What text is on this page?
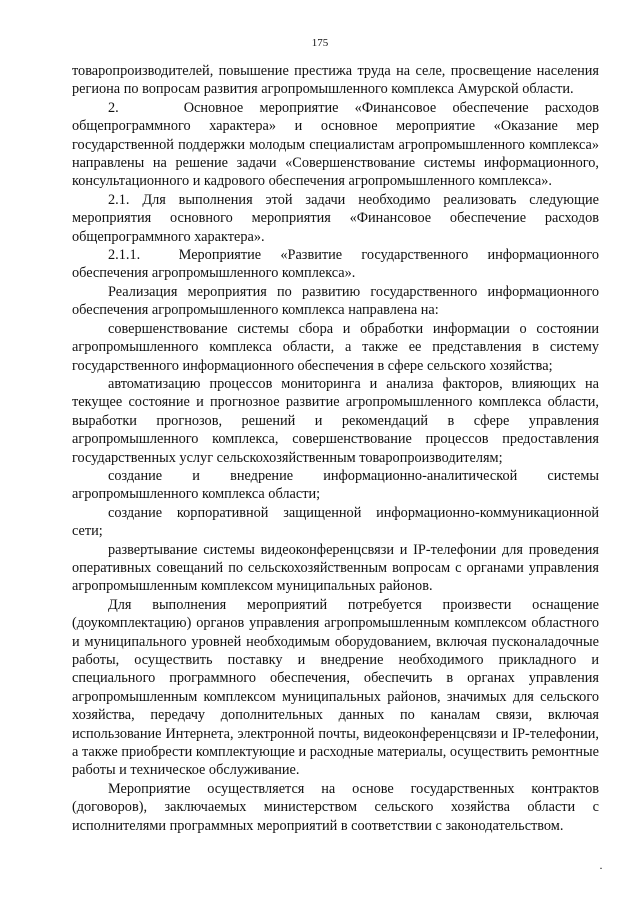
175

товаропроизводителей, повышение престижа труда на селе, просвещение населения региона по вопросам развития агропромышленного комплекса Амурской области.

2.    Основное мероприятие «Финансовое обеспечение расходов общепрограммного характера» и основное мероприятие «Оказание мер государственной поддержки молодым специалистам агропромышленного комплекса» направлены на решение задачи «Совершенствование системы информационного, консультационного и кадрового обеспечения агропромышленного комплекса».

2.1. Для выполнения этой задачи необходимо реализовать следующие мероприятия основного мероприятия «Финансовое обеспечение расходов общепрограммного характера».

2.1.1.  Мероприятие «Развитие государственного информационного обеспечения агропромышленного комплекса».

Реализация мероприятия по развитию государственного информационного обеспечения агропромышленного комплекса направлена на:

совершенствование системы сбора и обработки информации о состоянии агропромышленного комплекса области, а также ее представления в систему государственного информационного обеспечения в сфере сельского хозяйства;

автоматизацию процессов мониторинга и анализа факторов, влияющих на текущее состояние и прогнозное развитие агропромышленного комплекса области, выработки прогнозов, решений и рекомендаций в сфере управления агропромышленного комплекса, совершенствование процессов предоставления государственных услуг сельскохозяйственным товаропроизводителям;

создание и внедрение информационно-аналитической системы агропромышленного комплекса области;

создание корпоративной защищенной информационно-коммуникационной сети;

развертывание системы видеоконференцсвязи и IP-телефонии для проведения оперативных совещаний по сельскохозяйственным вопросам с органами управления агропромышленным комплексом муниципальных районов.

Для выполнения мероприятий потребуется произвести оснащение (доукомплектацию) органов управления агропромышленным комплексом областного и муниципального уровней необходимым оборудованием, включая пусконаладочные работы, осуществить поставку и внедрение необходимого прикладного и специального программного обеспечения, обеспечить в органах управления агропромышленным комплексом муниципальных районов, значимых для сельского хозяйства, передачу дополнительных данных по каналам связи, включая использование Интернета, электронной почты, видеоконференцсвязи и IP-телефонии, а также приобрести комплектующие и расходные материалы, осуществить ремонтные работы и техническое обслуживание.

Мероприятие осуществляется на основе государственных контрактов (договоров), заключаемых министерством сельского хозяйства области с исполнителями программных мероприятий в соответствии с законодательством.

·
